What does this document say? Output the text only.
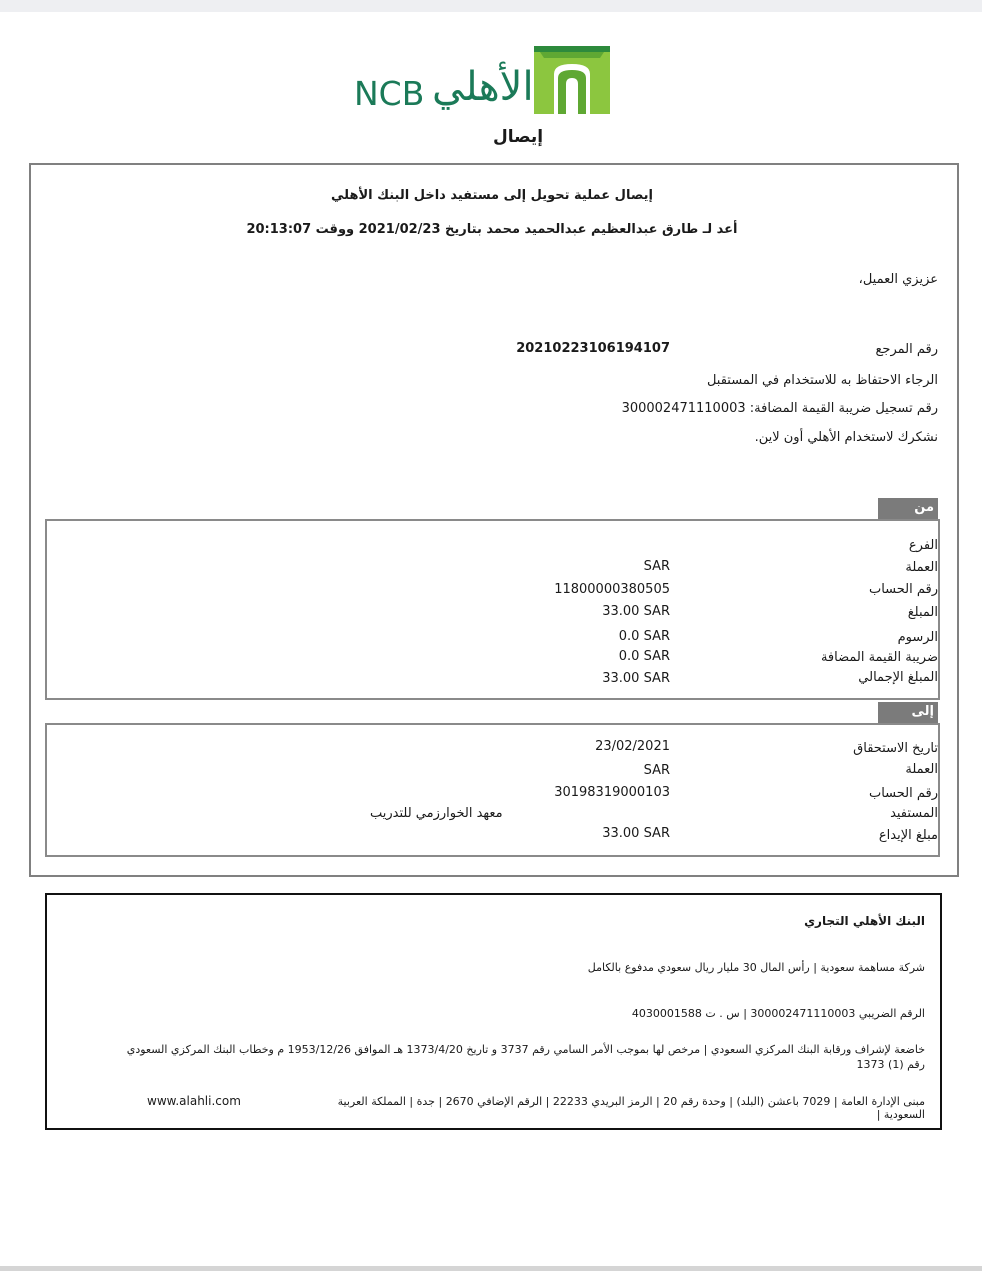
NCB الأهلي
إيصال
إيصال عملية تحويل إلى مستفيد داخل البنك الأهلي
أعد لـ طارق عبدالعظيم عبدالحميد محمد بتاريخ 2021/02/23 ووقت 20:13:07
عزيزي العميل،
رقم المرجع
20210223106194107
الرجاء الاحتفاظ به للاستخدام في المستقبل
رقم تسجيل ضريبة القيمة المضافة: 300002471110003
نشكرك لاستخدام الأهلي أون لاين.
من
الفرع
العملة
SAR
رقم الحساب
11800000380505
المبلغ
33.00 SAR
الرسوم
0.0 SAR
ضريبة القيمة المضافة
0.0 SAR
المبلغ الإجمالي
33.00 SAR
إلى
تاريخ الاستحقاق
23/02/2021
العملة
SAR
رقم الحساب
30198319000103
المستفيد
معهد الخوارزمي للتدريب
مبلغ الإيداع
33.00 SAR
البنك الأهلي التجاري
شركة مساهمة سعودية | رأس المال 30 مليار ريال سعودي مدفوع بالكامل
الرقم الضريبي 300002471110003 | س . ت 4030001588
خاضعة لإشراف ورقابة البنك المركزي السعودي | مرخص لها بموجب الأمر السامي رقم 3737 و تاريخ 1373/4/20 هـ الموافق 1953/12/26 م وخطاب البنك المركزي السعودي
رقم (1) 1373
مبنى الإدارة العامة | 7029 باعشن (البلد) | وحدة رقم 20 | الرمز البريدي 22233 | الرقم الإضافي 2670 | جدة | المملكة العربية السعودية |
www.alahli.com
